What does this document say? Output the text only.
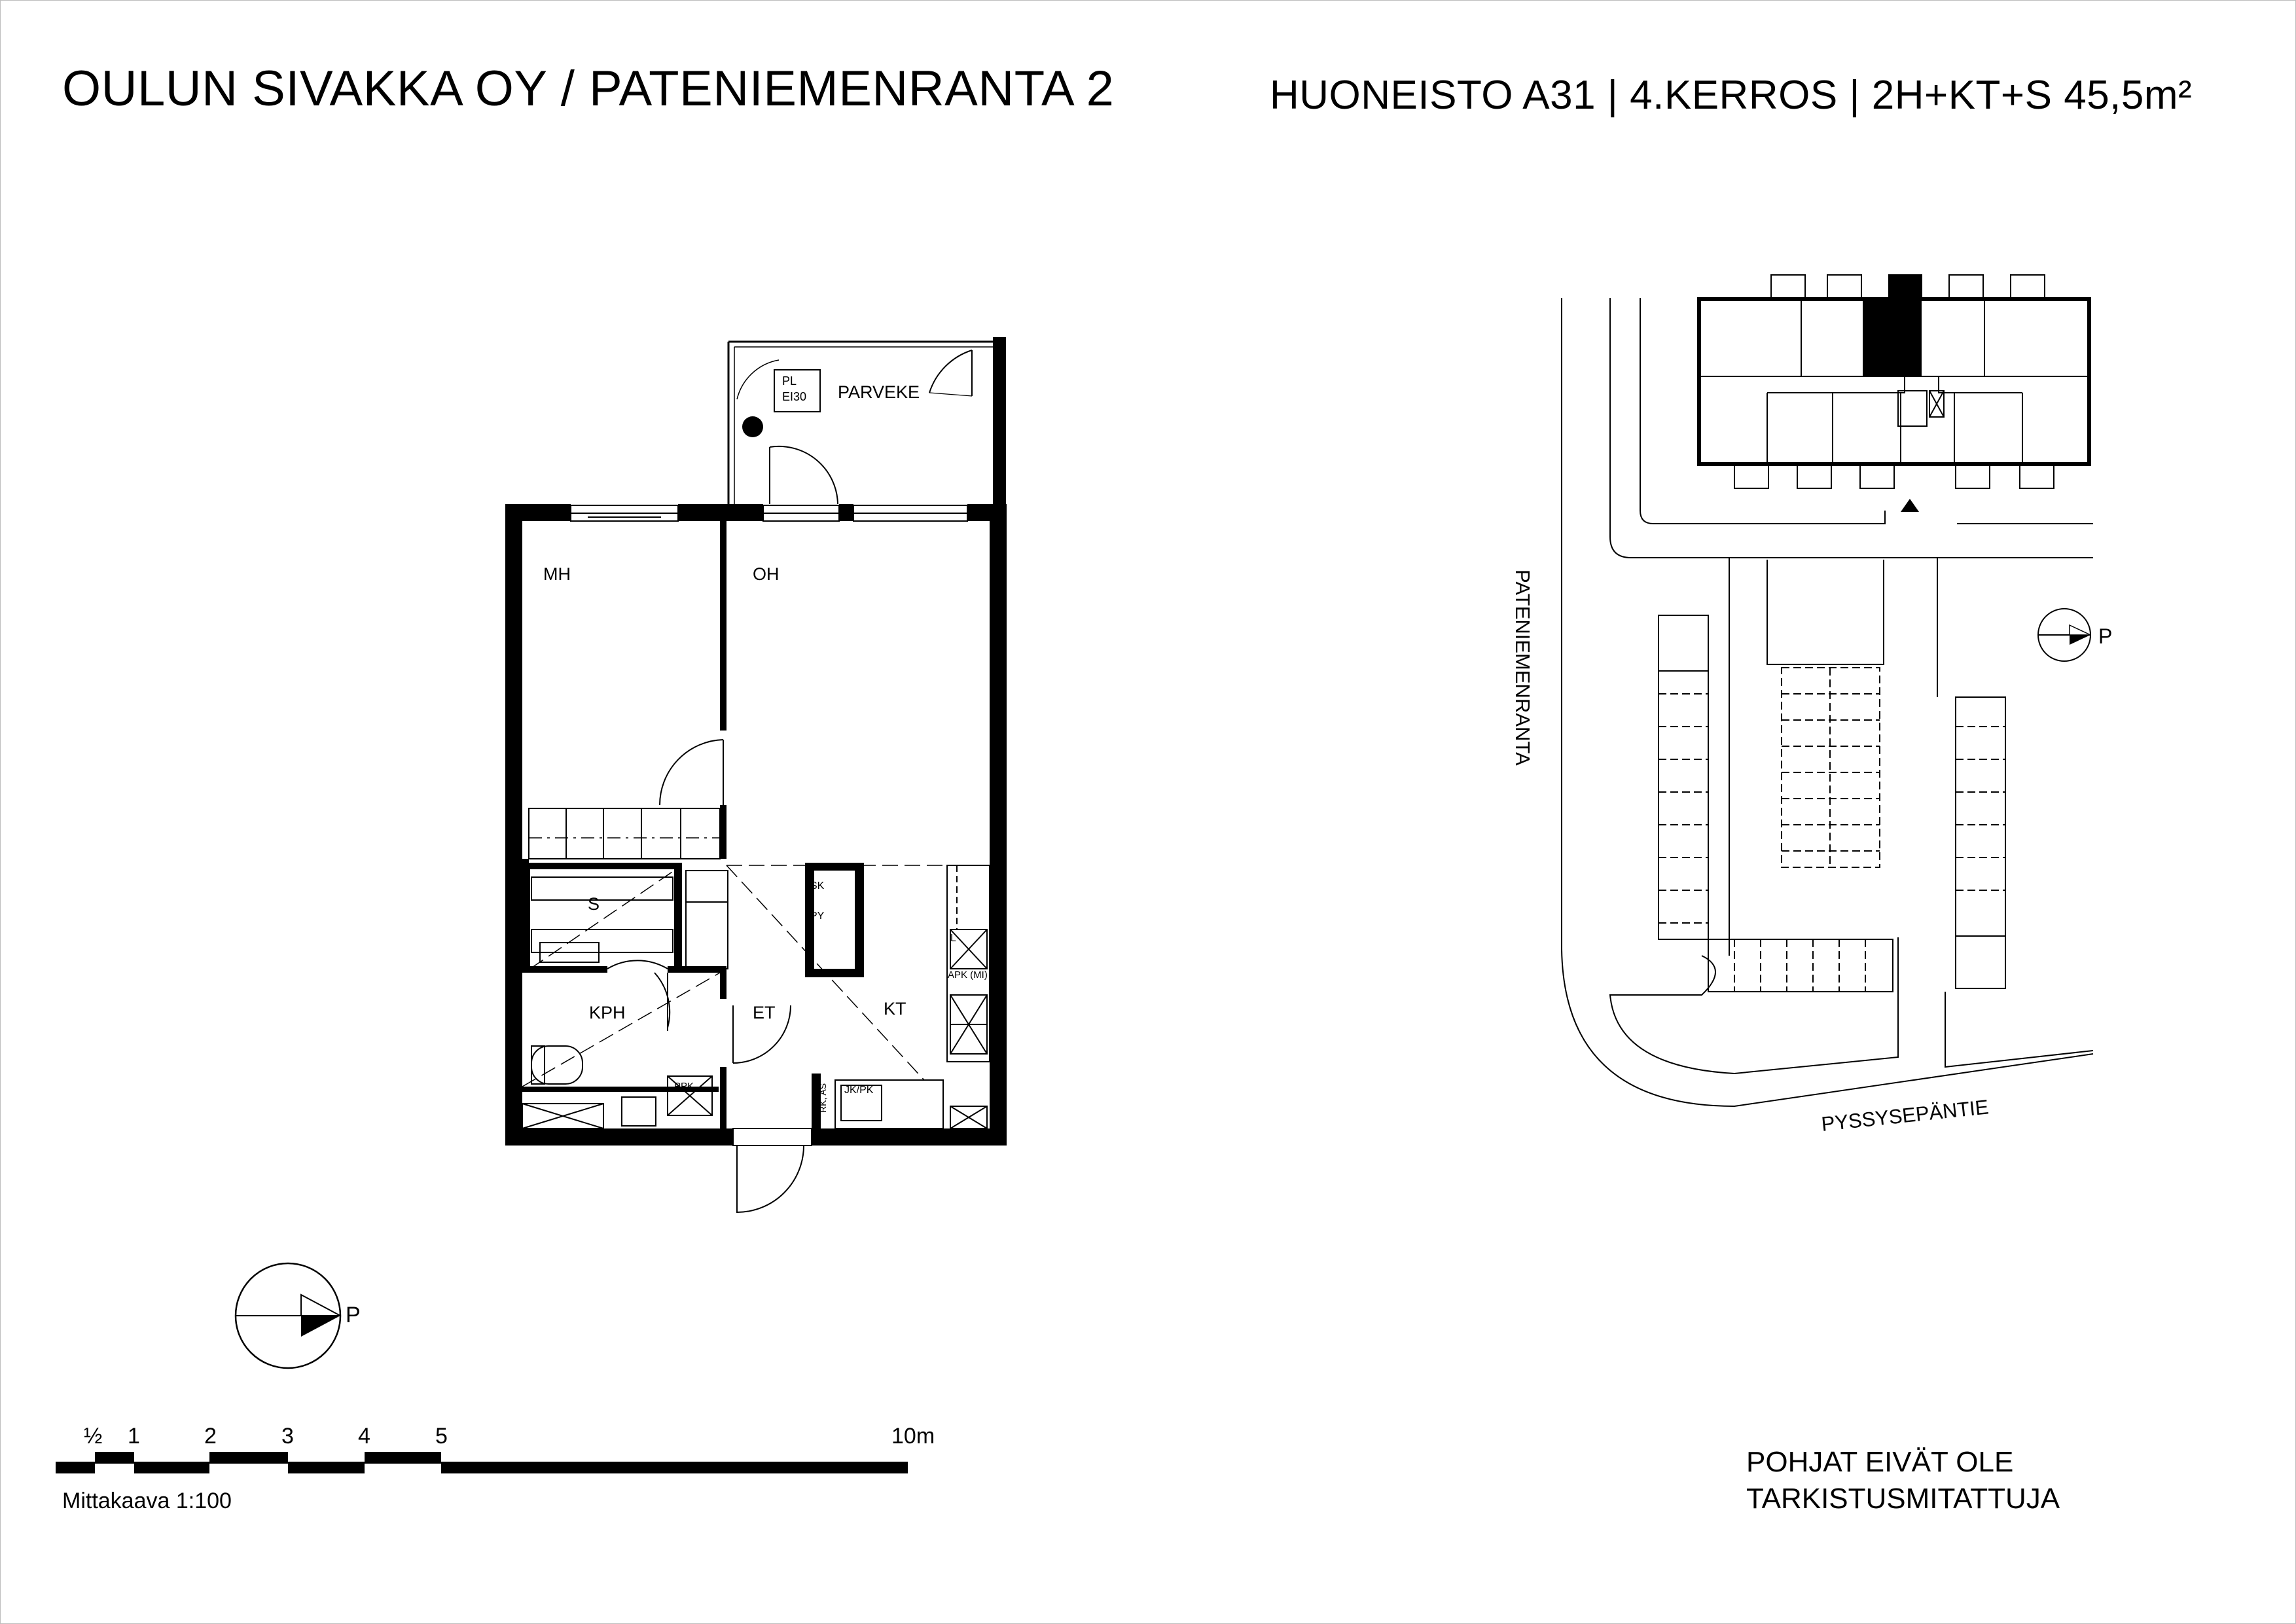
OULUN SIVAKKA OY / PATENIEMENRANTA 2	HUONEISTO A31 | 4.KERROS | 2H+KT+S 45,5m²
PARVEKE
PL
EI30
MH	OH
S
KPH	ET	KT
SK
PY
L
APK (MI)
PPK	JK/PK
RK, AS
P
½ 1	2	3	4	5	10m
Mittakaava 1:100
POHJAT EIVÄT OLE
TARKISTUSMITATTUJA
P
PATENIEMENRANTA
PYSSYSEPÄNTIE
